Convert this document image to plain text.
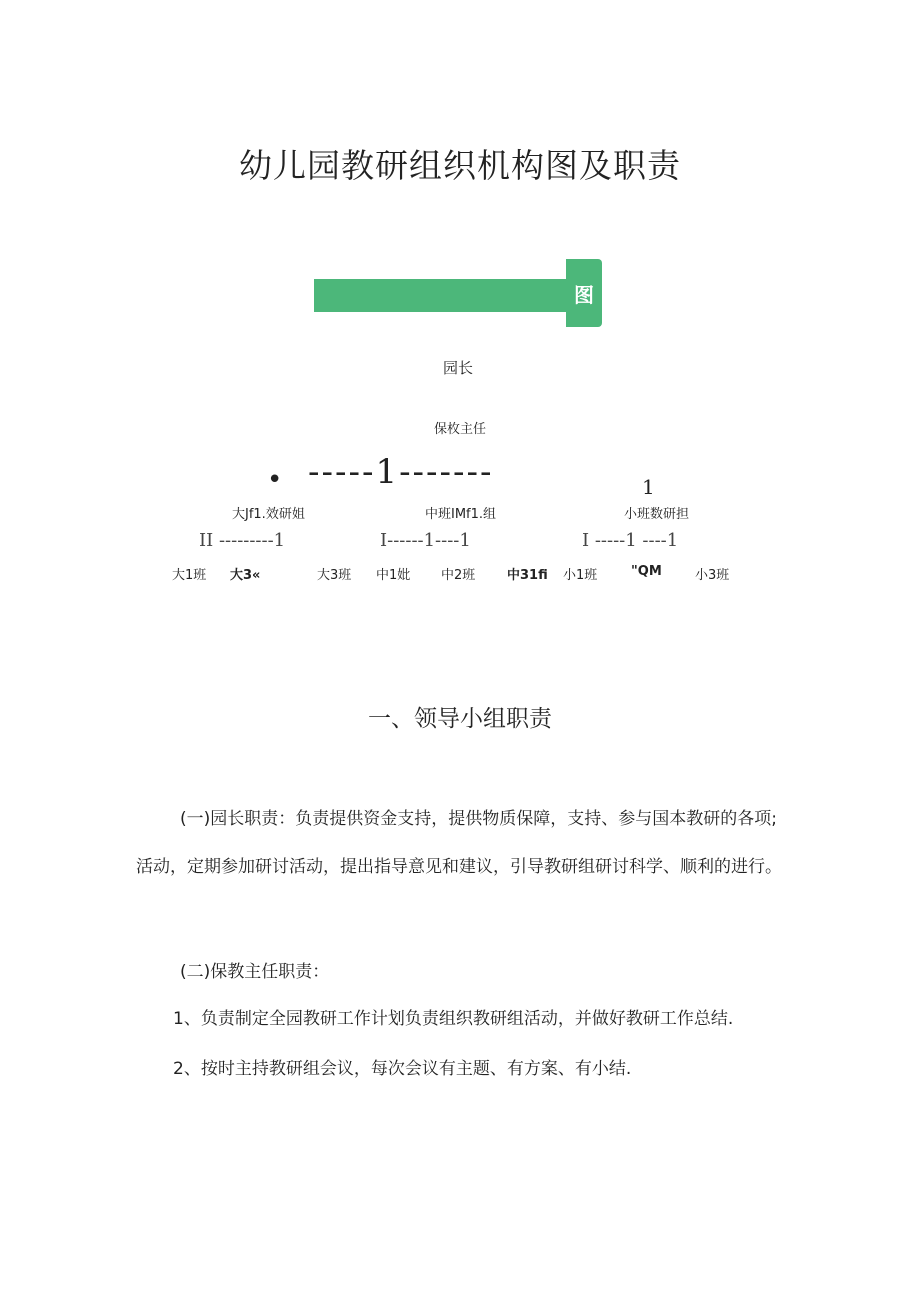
幼儿园教研组织机构图及职责
图
园长
保枚主任
• -----1-------	1
大Jf1.效研姐	中班IMf1.组	小班数研担
II ---------1	I------1----1	I -----1 ----1
大1班 大3«	大3班 中1妣 中2班 中31fi 小1班	"QM	小3班
一、领导小组职责
(一)园长职责：负责提供资金支持，提供物质保障，支持、参与国本教研的各项;
活动，定期参加研讨活动，提出指导意见和建议，引导教研组研讨科学、顺利的进行。
(二)保教主任职责：
1、负责制定全园教研工作计划负责组织教研组活动，并做好教研工作总结.
2、按时主持教研组会议，每次会议有主题、有方案、有小结.
